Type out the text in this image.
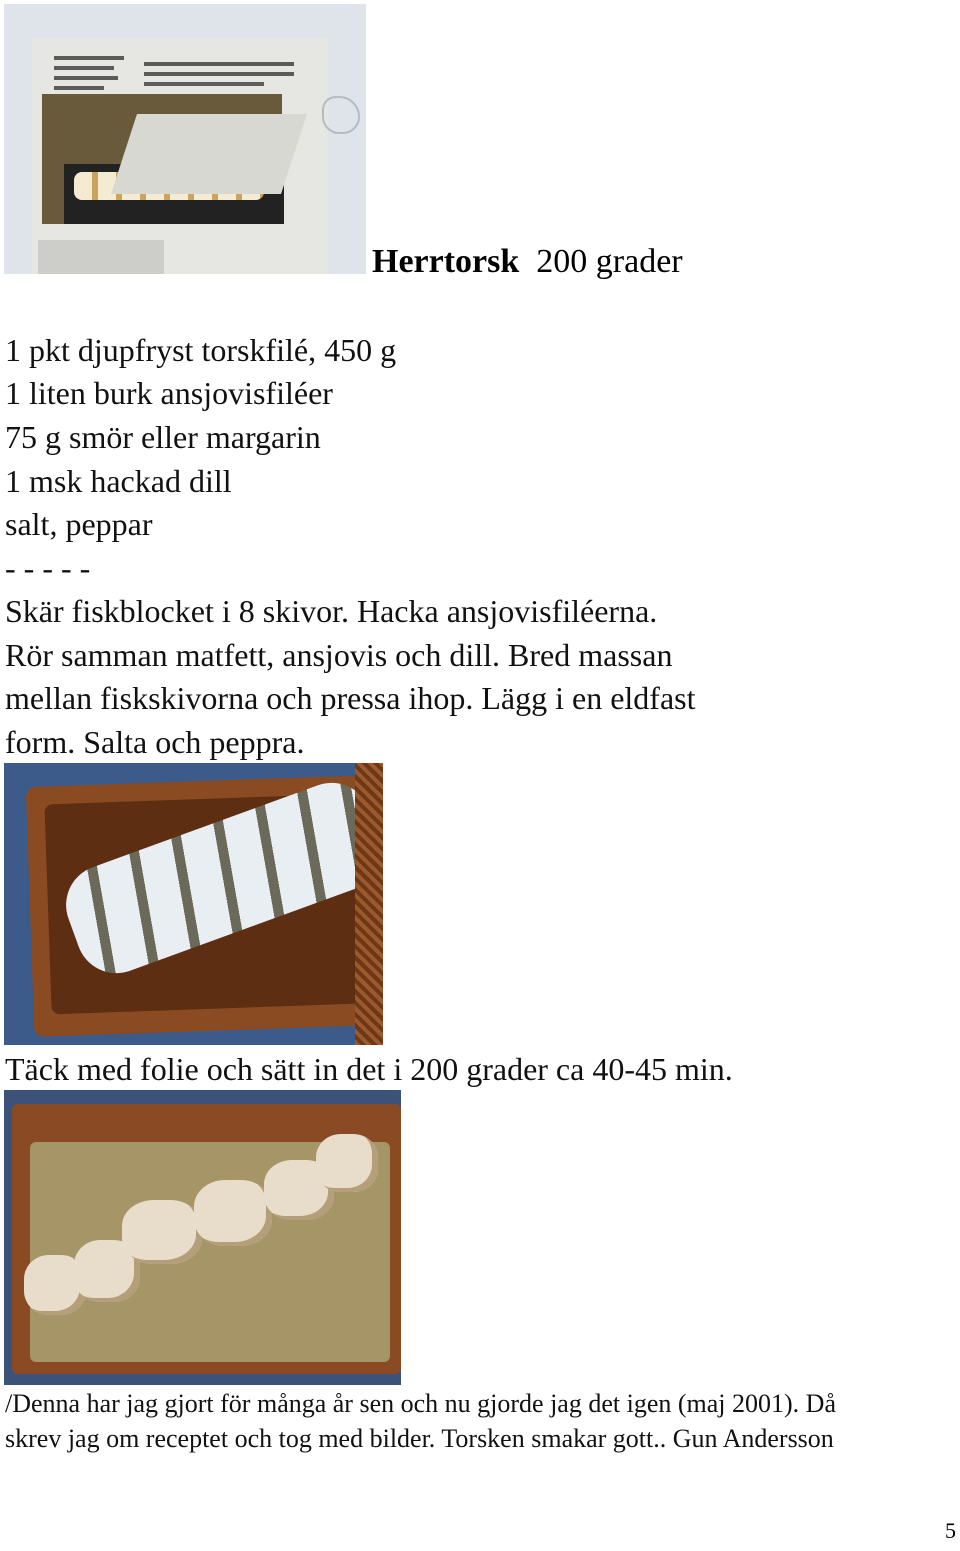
Herrtorsk 200 grader
1 pkt djupfryst torskfilé, 450 g
1 liten burk ansjovisfiléer
75 g smör eller margarin
1 msk hackad dill
salt, peppar
- - - - -
Skär fiskblocket i 8 skivor. Hacka ansjovisfiléerna.
Rör samman matfett, ansjovis och dill. Bred massan
mellan fiskskivorna och pressa ihop. Lägg i en eldfast
form. Salta och peppra.
Täck med folie och sätt in det i 200 grader ca 40-45 min.
/Denna har jag gjort för många år sen och nu gjorde jag det igen (maj 2001). Då
skrev jag om receptet och tog med bilder. Torsken smakar gott.. Gun Andersson
5
